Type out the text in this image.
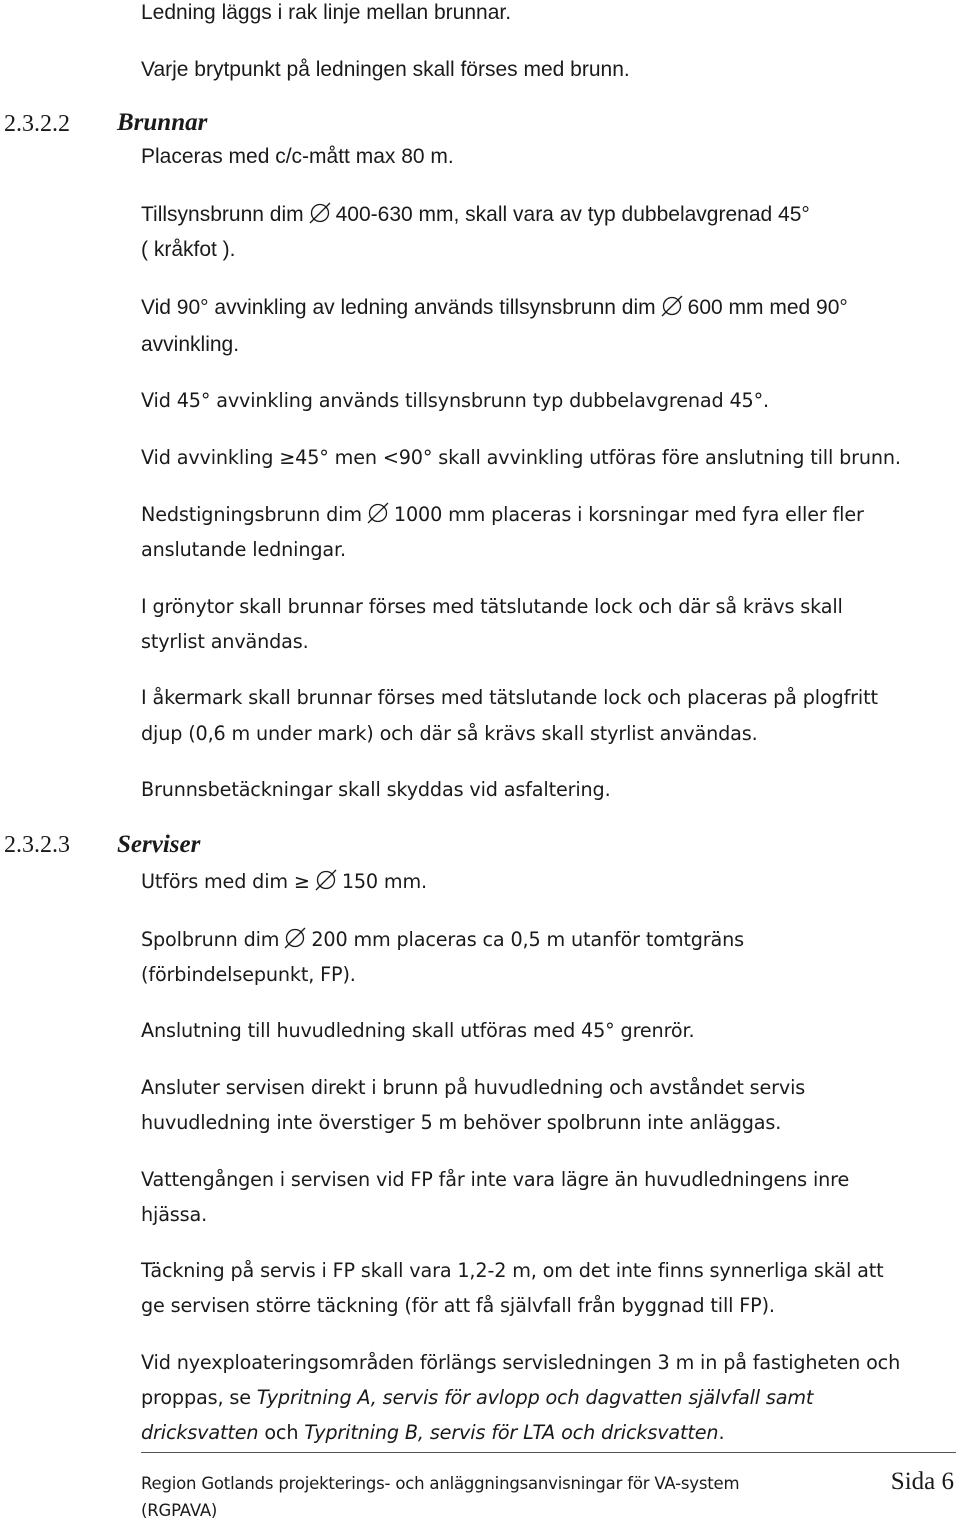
Ledning läggs i rak linje mellan brunnar.

Varje brytpunkt på ledningen skall förses med brunn.

2.3.2.2 Brunnar

Placeras med c/c-mått max 80 m.

Tillsynsbrunn dim 400-630 mm, skall vara av typ dubbelavgrenad 45°

( kråkfot ).

Vid 90° avvinkling av ledning används tillsynsbrunn dim 600 mm med 90°

avvinkling.

Vid 45° avvinkling används tillsynsbrunn typ dubbelavgrenad 45°.

Vid avvinkling ≥45° men <90° skall avvinkling utföras före anslutning till brunn.

Nedstigningsbrunn dim 1000 mm placeras i korsningar med fyra eller fler

anslutande ledningar.

I grönytor skall brunnar förses med tätslutande lock och där så krävs skall

styrlist användas.

I åkermark skall brunnar förses med tätslutande lock och placeras på plogfritt

djup (0,6 m under mark) och där så krävs skall styrlist användas.

Brunnsbetäckningar skall skyddas vid asfaltering.

2.3.2.3 Serviser

Utförs med dim ≥ 150 mm.

Spolbrunn dim 200 mm placeras ca 0,5 m utanför tomtgräns

(förbindelsepunkt, FP).

Anslutning till huvudledning skall utföras med 45° grenrör.

Ansluter servisen direkt i brunn på huvudledning och avståndet servis

huvudledning inte överstiger 5 m behöver spolbrunn inte anläggas.

Vattengången i servisen vid FP får inte vara lägre än huvudledningens inre

hjässa.

Täckning på servis i FP skall vara 1,2-2 m, om det inte finns synnerliga skäl att

ge servisen större täckning (för att få självfall från byggnad till FP).

Vid nyexploateringsområden förlängs servisledningen 3 m in på fastigheten och

proppas, se Typritning A, servis för avlopp och dagvatten självfall samt

dricksvatten och Typritning B, servis för LTA och dricksvatten.

Region Gotlands projekterings- och anläggningsanvisningar för VA-system
(RGPAVA)

Sida 6
